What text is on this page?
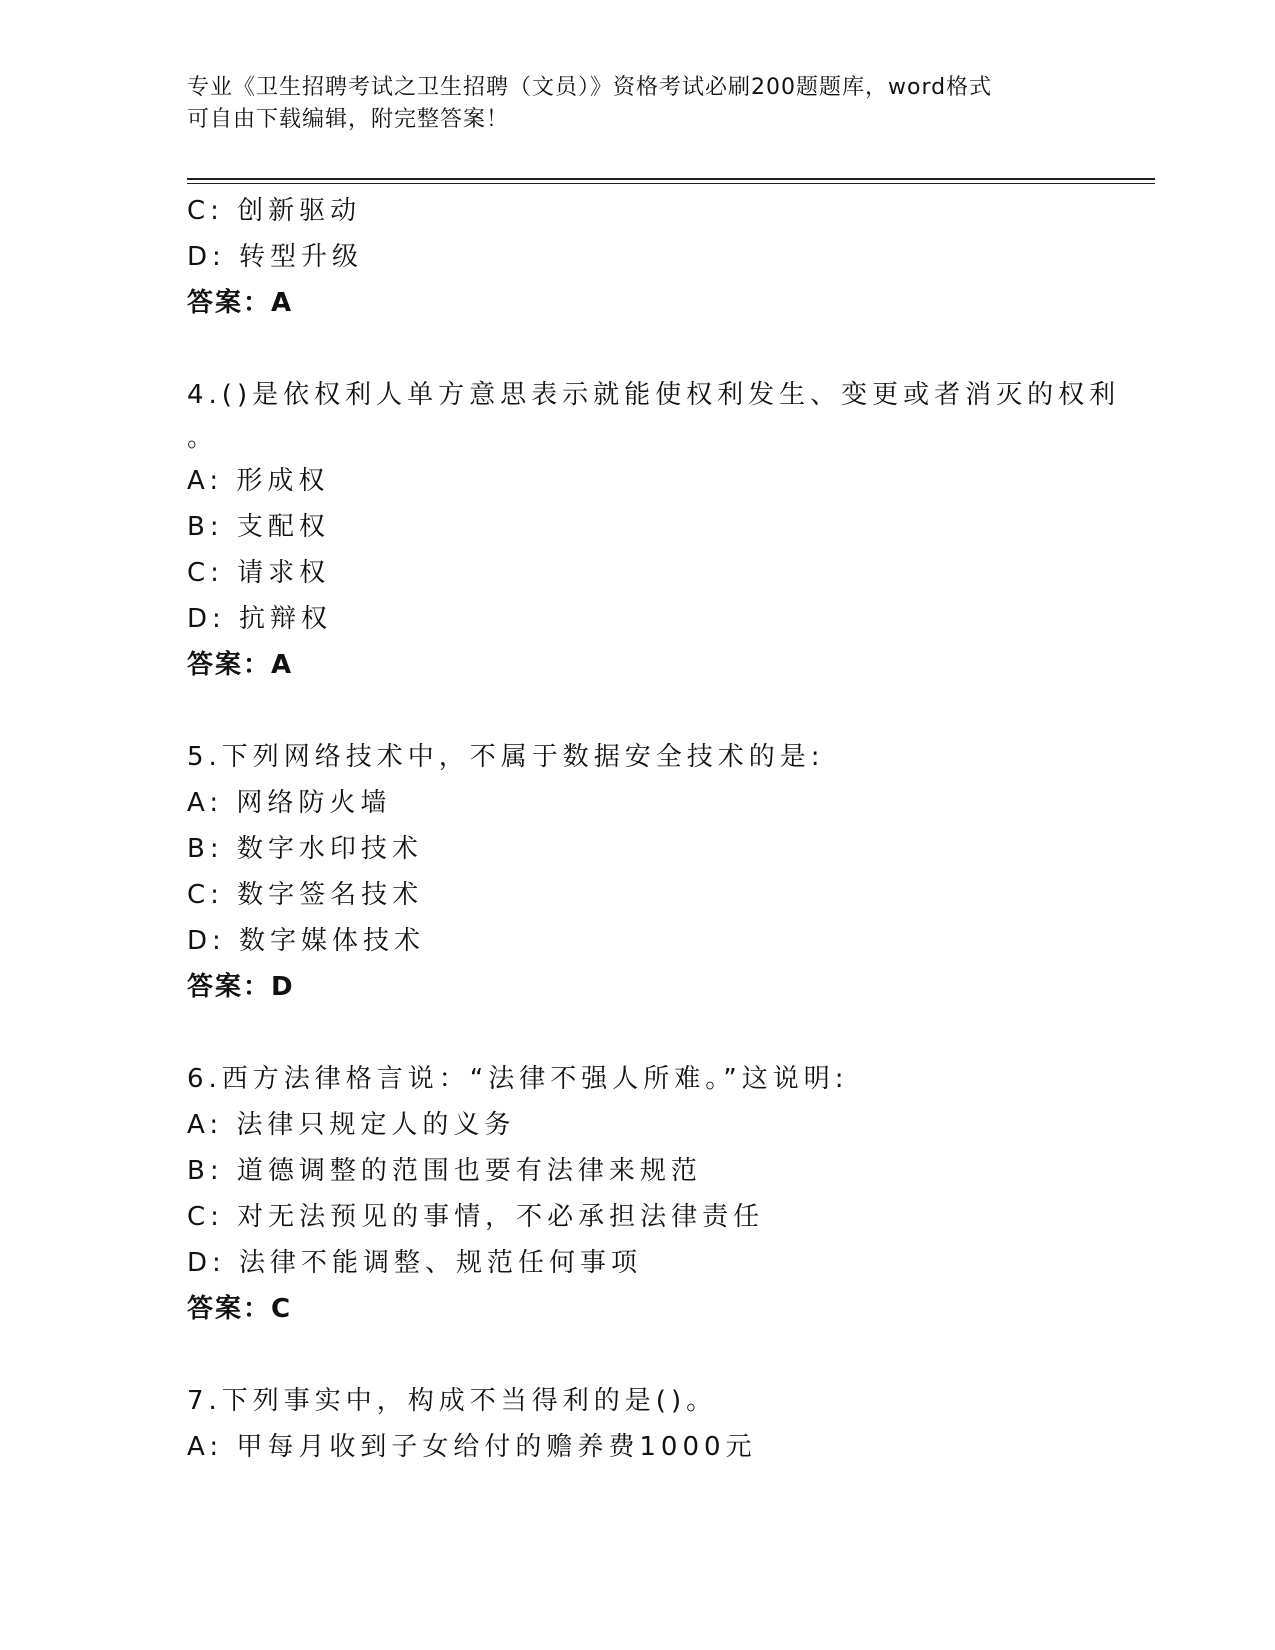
专业《卫生招聘考试之卫生招聘（文员）》资格考试必刷200题题库，word格式
可自由下载编辑，附完整答案！
C: 创新驱动
D: 转型升级
答案：A
4.()是依权利人单方意思表示就能使权利发生、变更或者消灭的权利
。
A: 形成权
B: 支配权
C: 请求权
D: 抗辩权
答案：A
5.下列网络技术中，不属于数据安全技术的是:
A: 网络防火墙
B: 数字水印技术
C: 数字签名技术
D: 数字媒体技术
答案：D
6.西方法律格言说：“法律不强人所难。”这说明:
A: 法律只规定人的义务
B: 道德调整的范围也要有法律来规范
C: 对无法预见的事情，不必承担法律责任
D: 法律不能调整、规范任何事项
答案：C
7.下列事实中，构成不当得利的是()。
A: 甲每月收到子女给付的赡养费1000元
